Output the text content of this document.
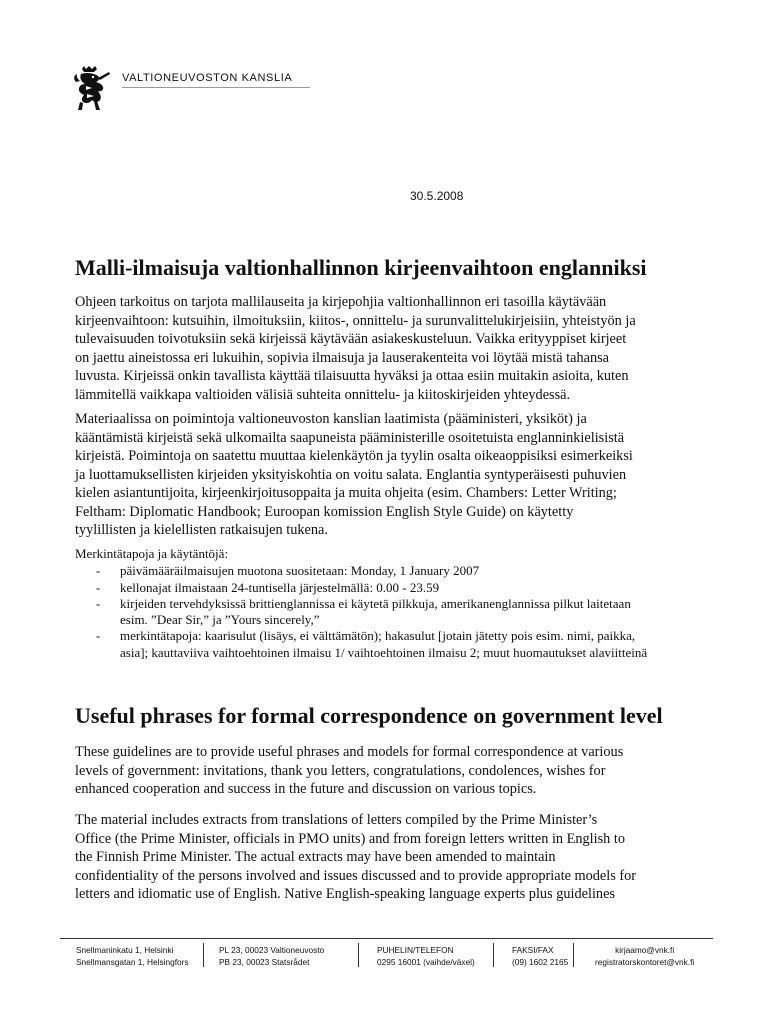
VALTIONEUVOSTON KANSLIA
30.5.2008
Malli-ilmaisuja valtionhallinnon kirjeenvaihtoon englanniksi

Ohjeen tarkoitus on tarjota mallilauseita ja kirjepohjia valtionhallinnon eri tasoilla käytävään
kirjeenvaihtoon: kutsuihin, ilmoituksiin, kiitos-, onnittelu- ja surunvalittelukirjeisiin, yhteistyön ja
tulevaisuuden toivotuksiin sekä kirjeissä käytävään asiakeskusteluun. Vaikka erityyppiset kirjeet
on jaettu aineistossa eri lukuihin, sopivia ilmaisuja ja lauserakenteita voi löytää mistä tahansa
luvusta. Kirjeissä onkin tavallista käyttää tilaisuutta hyväksi ja ottaa esiin muitakin asioita, kuten
lämmitellä vaikkapa valtioiden välisiä suhteita onnittelu- ja kiitoskirjeiden yhteydessä.

Materiaalissa on poimintoja valtioneuvoston kanslian laatimista (pääministeri, yksiköt) ja
kääntämistä kirjeistä sekä ulkomailta saapuneista pääministerille osoitetuista englanninkielisistä
kirjeistä. Poimintoja on saatettu muuttaa kielenkäytön ja tyylin osalta oikeaoppisiksi esimerkeiksi
ja luottamuksellisten kirjeiden yksityiskohtia on voitu salata. Englantia syntyperäisesti puhuvien
kielen asiantuntijoita, kirjeenkirjoitusoppaita ja muita ohjeita (esim. Chambers: Letter Writing;
Feltham: Diplomatic Handbook; Euroopan komission English Style Guide) on käytetty
tyylillisten ja kielellisten ratkaisujen tukena.

Merkintätapoja ja käytäntöjä:
- päivämääräilmaisujen muotona suositetaan: Monday, 1 January 2007
- kellonajat ilmaistaan 24-tuntisella järjestelmällä: 0.00 - 23.59
- kirjeiden tervehdyksissä brittienglannissa ei käytetä pilkkuja, amerikanenglannissa pilkut laitetaan
esim. ”Dear Sir,” ja ”Yours sincerely,”
- merkintätapoja: kaarisulut (lisäys, ei välttämätön); hakasulut [jotain jätetty pois esim. nimi, paikka,
asia]; kauttaviiva vaihtoehtoinen ilmaisu 1/ vaihtoehtoinen ilmaisu 2; muut huomautukset alaviitteinä
Useful phrases for formal correspondence on government level

These guidelines are to provide useful phrases and models for formal correspondence at various
levels of government: invitations, thank you letters, congratulations, condolences, wishes for
enhanced cooperation and success in the future and discussion on various topics.

The material includes extracts from translations of letters compiled by the Prime Minister’s
Office (the Prime Minister, officials in PMO units) and from foreign letters written in English to
the Finnish Prime Minister. The actual extracts may have been amended to maintain
confidentiality of the persons involved and issues discussed and to provide appropriate models for
letters and idiomatic use of English. Native English-speaking language experts plus guidelines

Snellmaninkatu 1, Helsinki
Snellmansgatan 1, Helsingfors
PL 23, 00023 Valtioneuvosto
PB 23, 00023 Statsrådet
PUHELIN/TELEFON
0295 16001 (vaihde/växel)
FAKSI/FAX
(09) 1602 2165
kirjaamo@vnk.fi
registratorskontoret@vnk.fi
